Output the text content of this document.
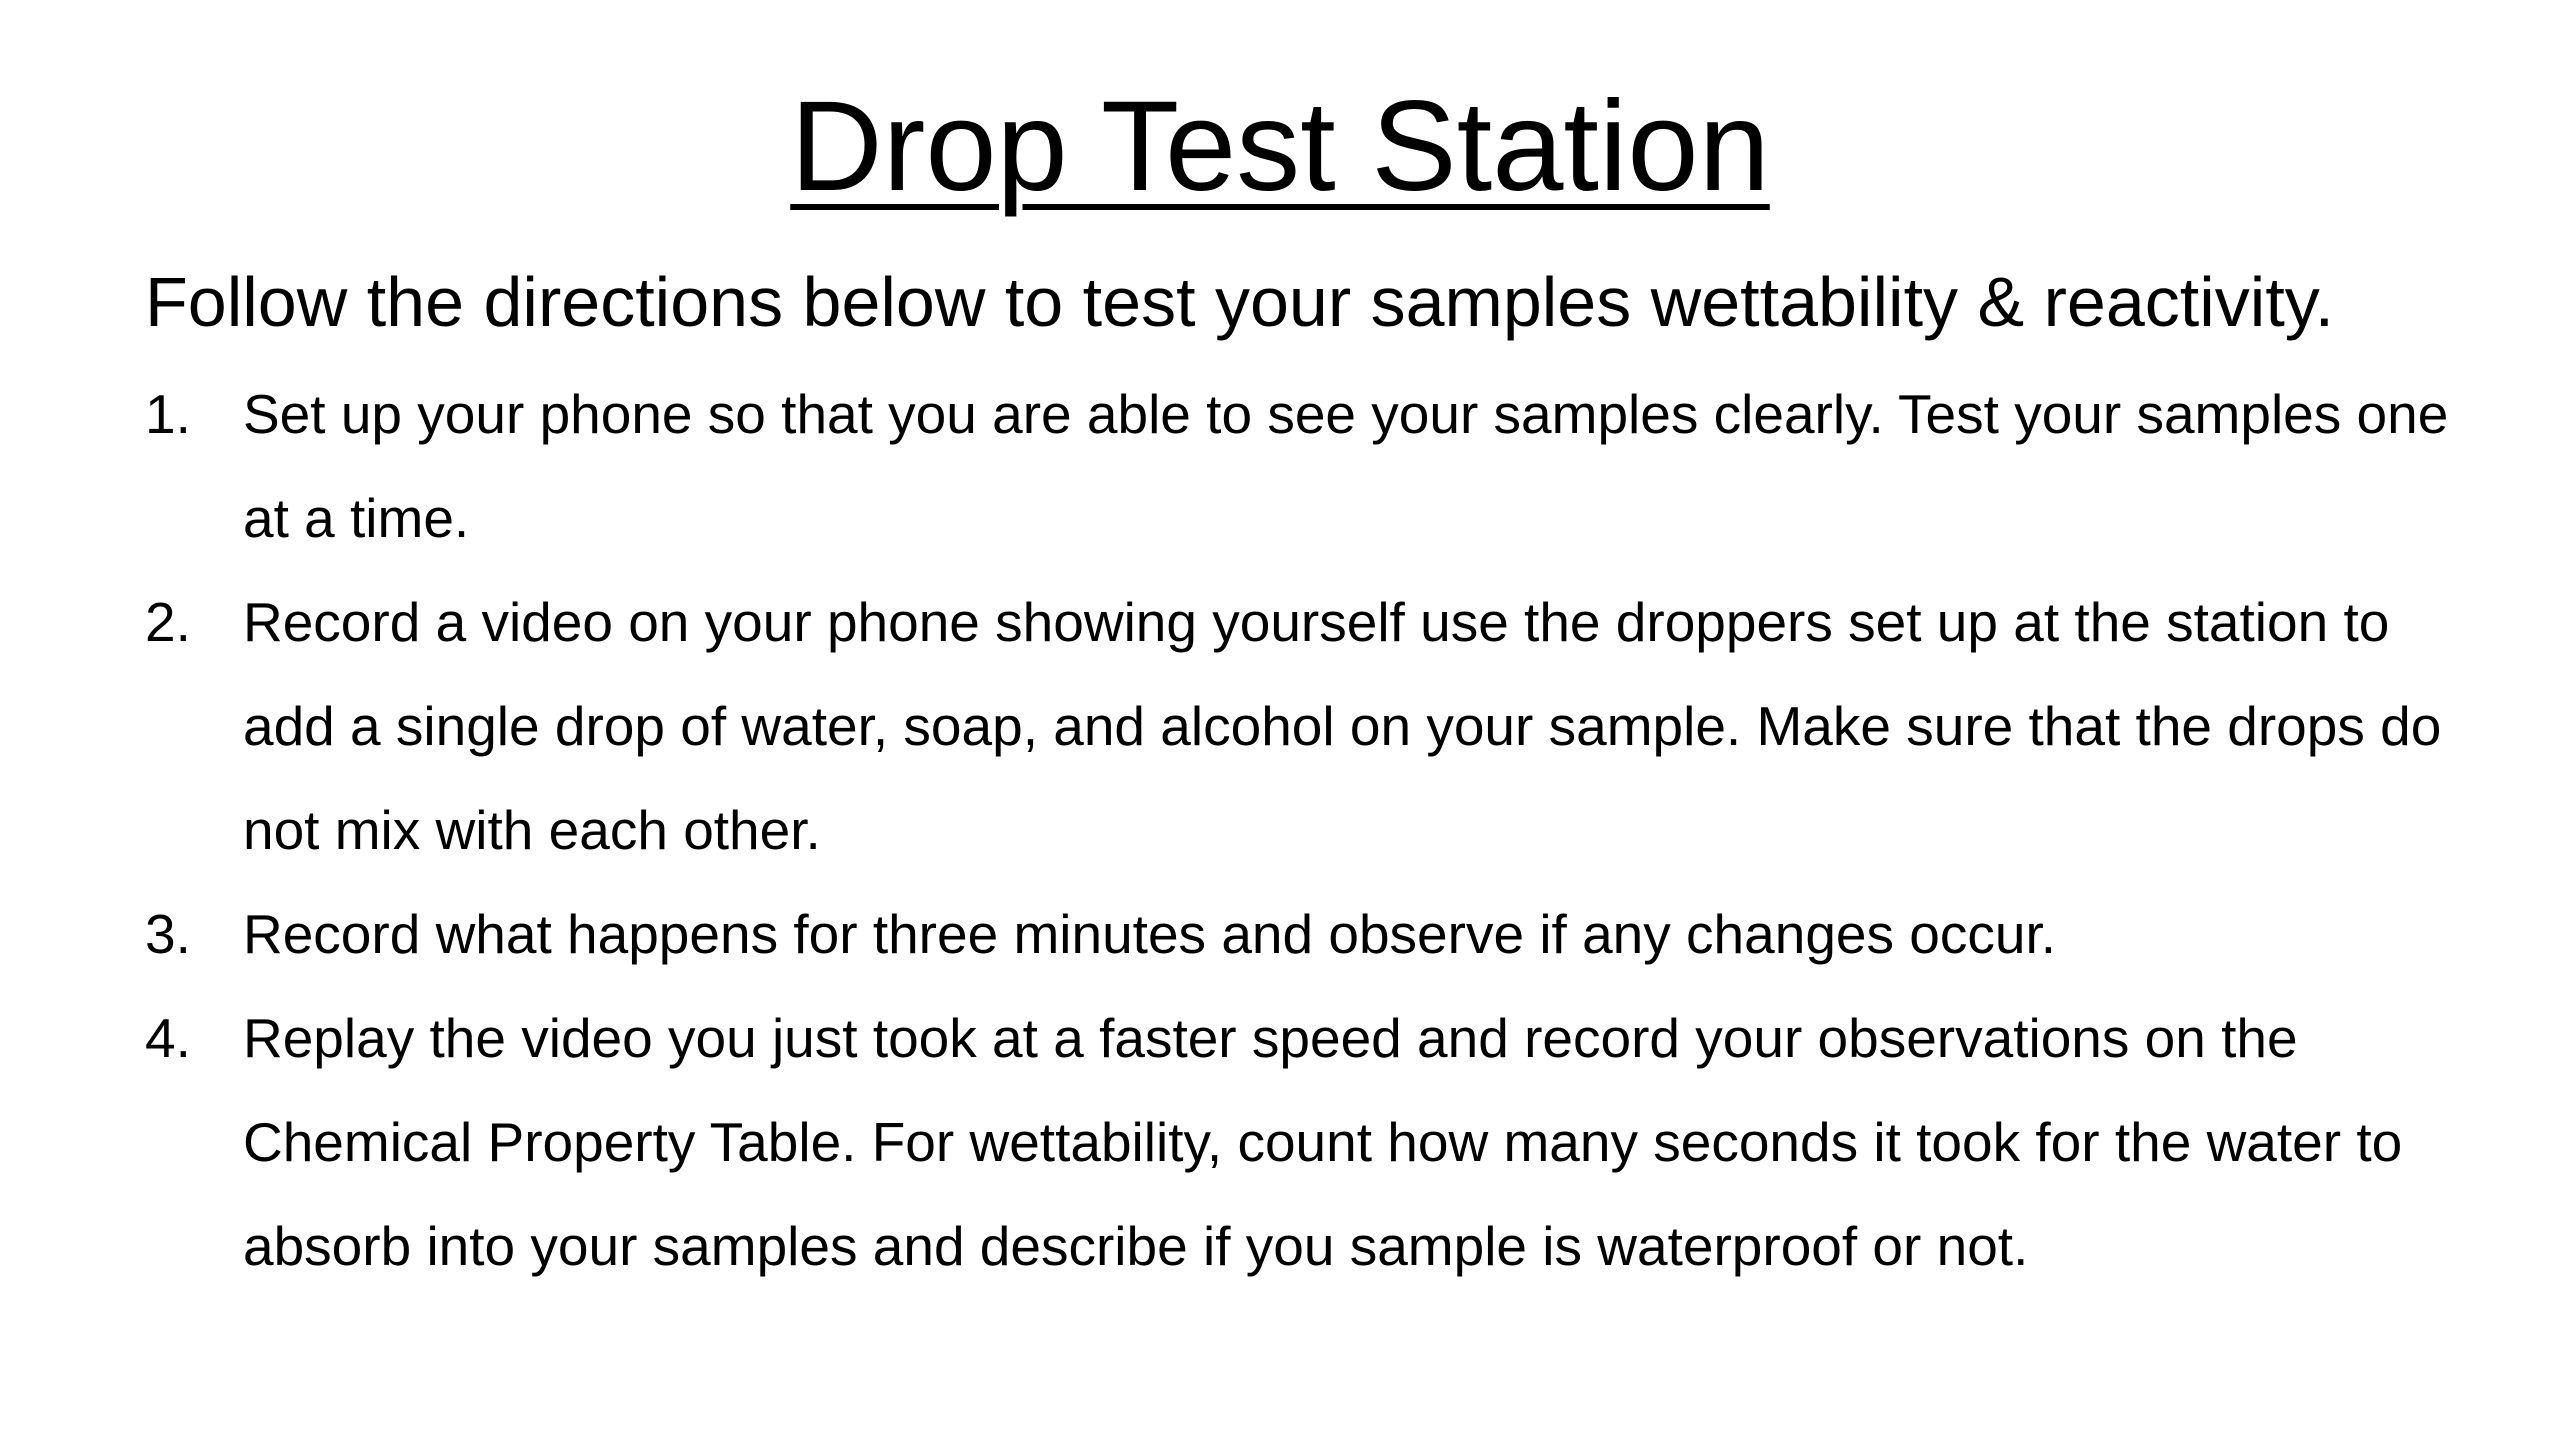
Drop Test Station

Follow the directions below to test your samples wettability & reactivity.

1. Set up your phone so that you are able to see your samples clearly. Test your samples one at a time.
2. Record a video on your phone showing yourself use the droppers set up at the station to add a single drop of water, soap, and alcohol on your sample. Make sure that the drops do not mix with each other.
3. Record what happens for three minutes and observe if any changes occur.
4. Replay the video you just took at a faster speed and record your observations on the Chemical Property Table. For wettability, count how many seconds it took for the water to absorb into your samples and describe if you sample is waterproof or not.
